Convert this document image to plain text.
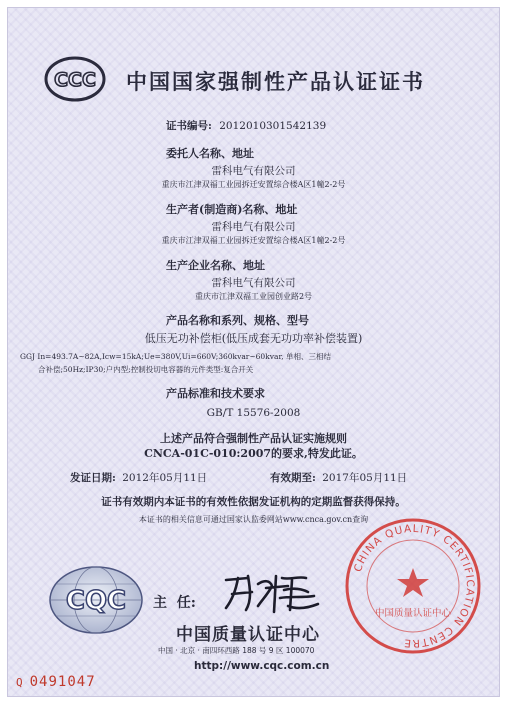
CCC 中国国家强制性产品认证证书
证书编号: 2012010301542139
委托人名称、地址
雷科电气有限公司
重庆市江津双福工业园拆迁安置综合楼A区1幢2-2号
生产者(制造商)名称、地址
雷科电气有限公司
重庆市江津双福工业园拆迁安置综合楼A区1幢2-2号
生产企业名称、地址
雷科电气有限公司
重庆市江津双福工业园创业路2号
产品名称和系列、规格、型号
低压无功补偿柜(低压成套无功功率补偿装置)
GGJ In=493.7A~82A,Icw=15kA;Ue=380V,Ui=660V;360kvar~60kvar, 单相、三相结
合补偿;50Hz;IP30;户内型;控制投切电容器的元件类型:复合开关
产品标准和技术要求
GB/T 15576-2008
上述产品符合强制性产品认证实施规则
CNCA-01C-010:2007的要求,特发此证。
发证日期: 2012年05月11日	有效期至: 2017年05月11日
证书有效期内本证书的有效性依据发证机构的定期监督获得保持。
本证书的相关信息可通过国家认监委网站www.cnca.gov.cn查询
CQC 主  任:
CHINA QUALITY CERTIFICATION CENTRE
中国质量认证中心
中国质量认证中心
中国 · 北京 · 南四环西路 188 号 9 区 100070
http://www.cqc.com.cn
Q 0491047
